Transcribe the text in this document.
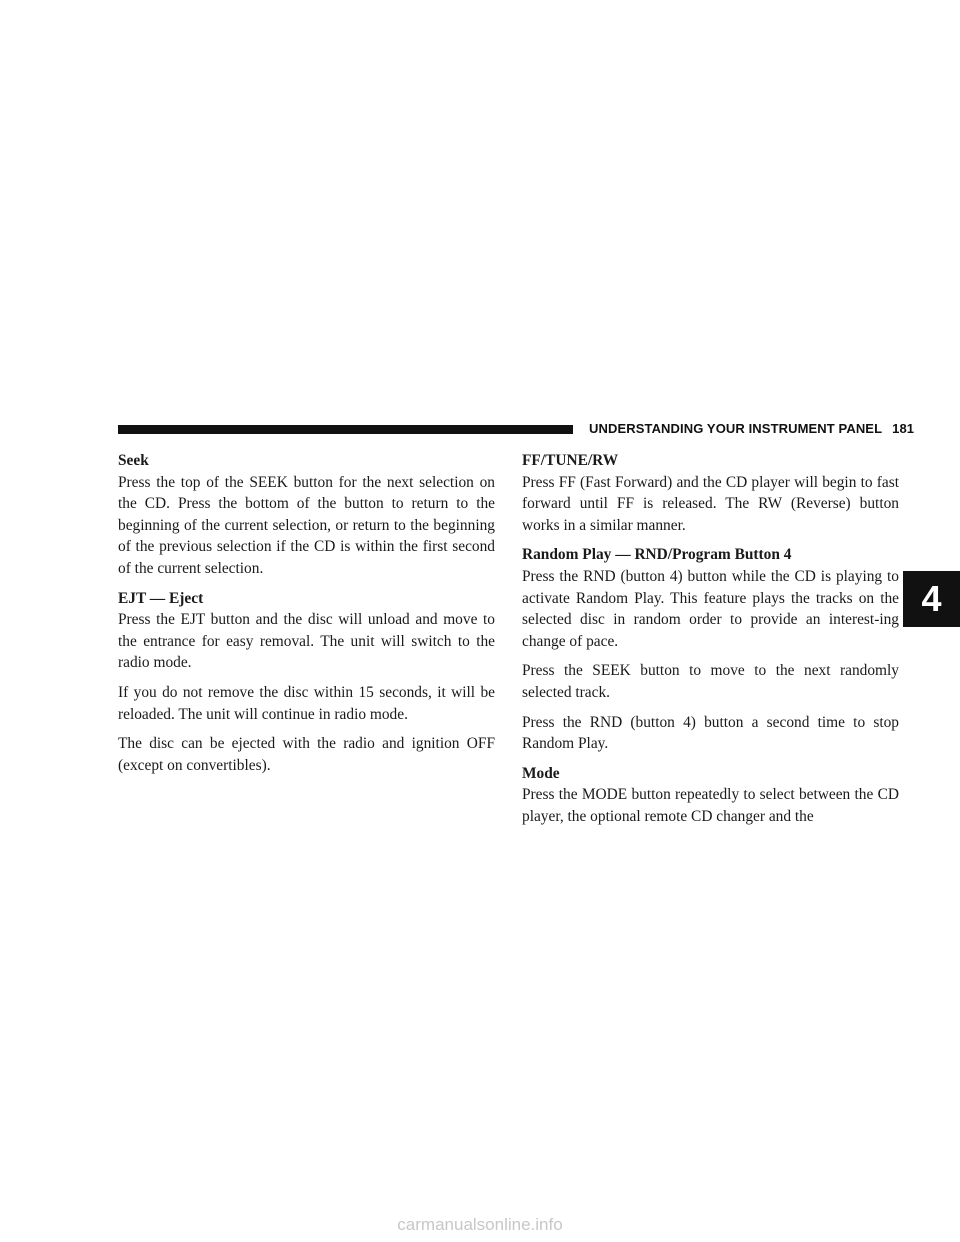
UNDERSTANDING YOUR INSTRUMENT PANEL 181
4
Seek

Press the top of the SEEK button for the next selection on the CD. Press the bottom of the button to return to the beginning of the current selection, or return to the beginning of the previous selection if the CD is within the first second of the current selection.

EJT — Eject

Press the EJT button and the disc will unload and move to the entrance for easy removal. The unit will switch to the radio mode.

If you do not remove the disc within 15 seconds, it will be reloaded. The unit will continue in radio mode.

The disc can be ejected with the radio and ignition OFF (except on convertibles).

FF/TUNE/RW

Press FF (Fast Forward) and the CD player will begin to fast forward until FF is released. The RW (Reverse) button works in a similar manner.

Random Play — RND/Program Button 4

Press the RND (button 4) button while the CD is playing to activate Random Play. This feature plays the tracks on the selected disc in random order to provide an interest-ing change of pace.

Press the SEEK button to move to the next randomly selected track.

Press the RND (button 4) button a second time to stop Random Play.

Mode

Press the MODE button repeatedly to select between the CD player, the optional remote CD changer and the

carmanualsonline.info
